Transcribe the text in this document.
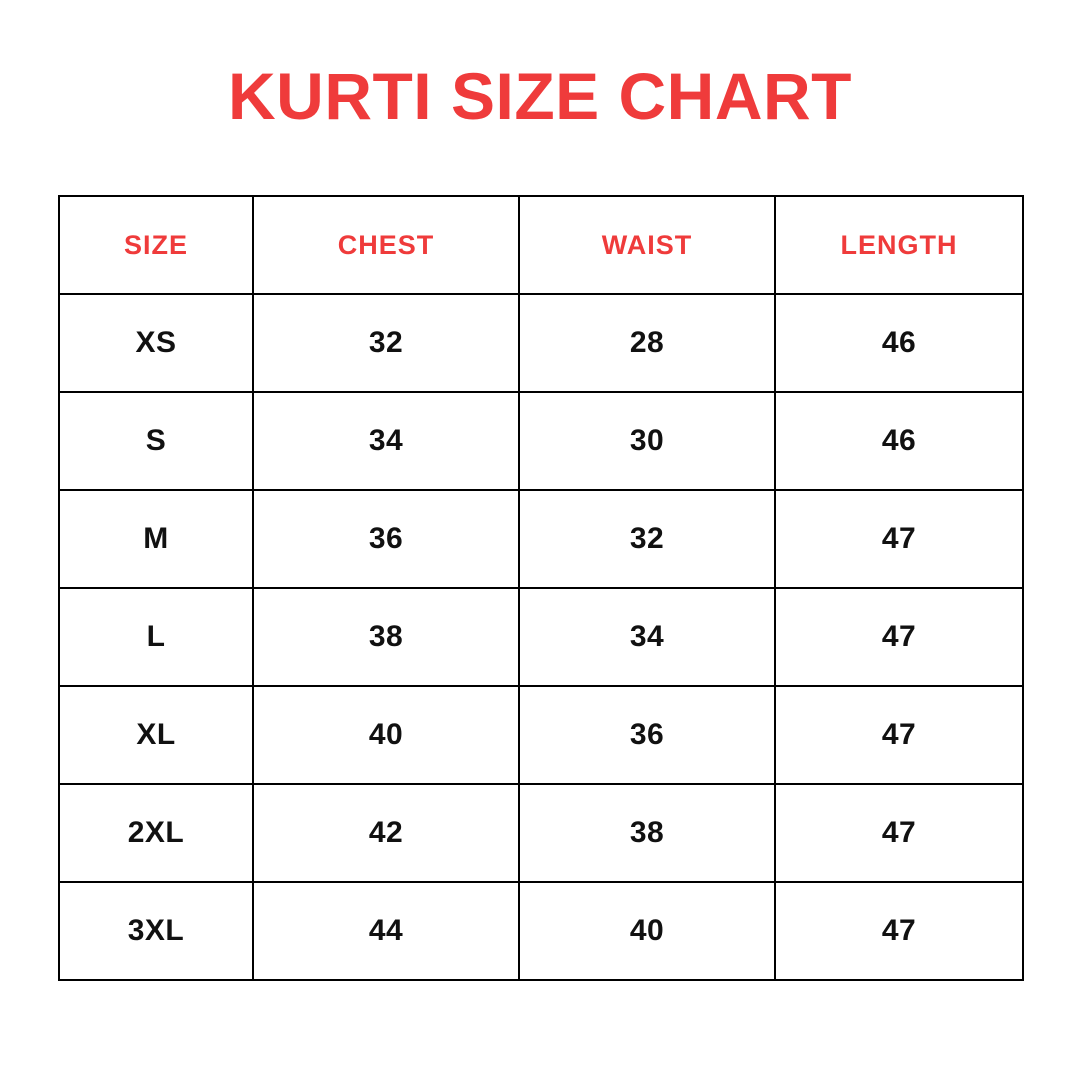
KURTI SIZE CHART
SIZE	CHEST	WAIST	LENGTH
XS	32	28	46
S	34	30	46
M	36	32	47
L	38	34	47
XL	40	36	47
2XL	42	38	47
3XL	44	40	47
